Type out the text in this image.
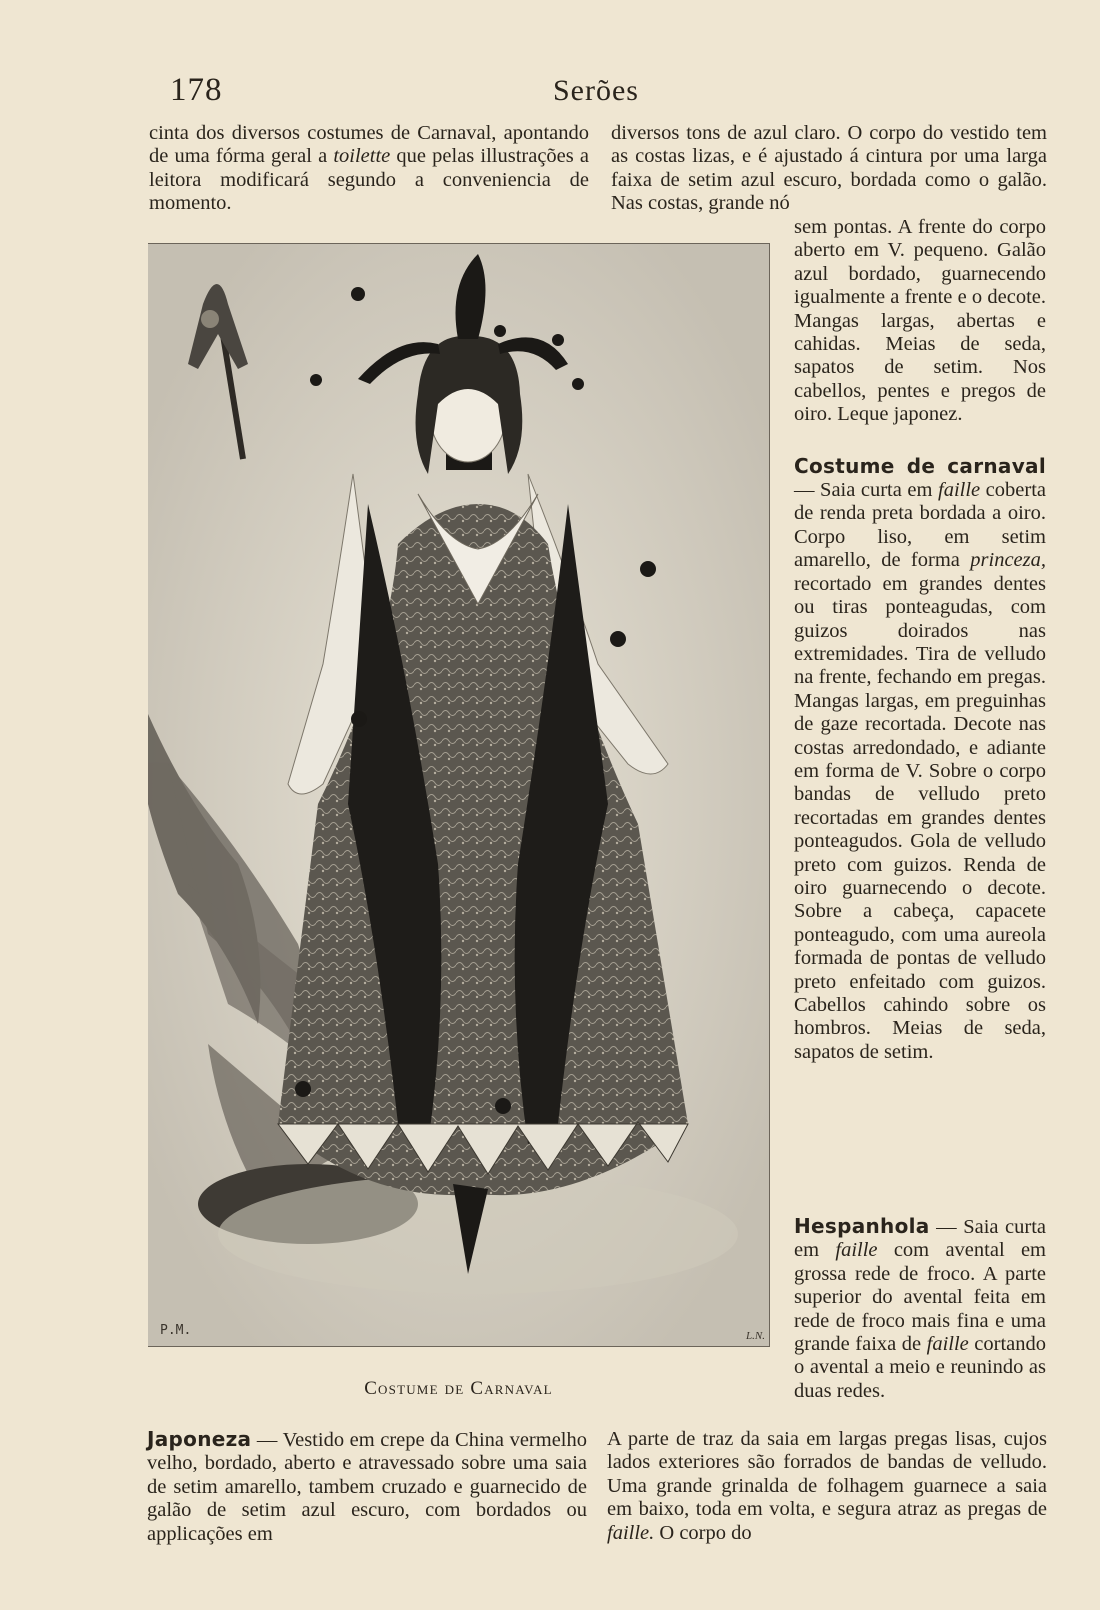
178	Serões

cinta dos diversos costumes de Carnaval, apontando de uma fórma geral a toilette que pelas illustrações a leitora modificará segundo a conveniencia de momento.

diversos tons de azul claro. O corpo do vestido tem as costas lizas, e é ajustado á cintura por uma larga faixa de setim azul escuro, bordada como o galão. Nas costas, grande nó

P.M.	L.N.
Costume de Carnaval

sem pontas. A frente do corpo aberto em V. pequeno. Galão azul bordado, guarnecendo igualmente a frente e o decote. Mangas largas, abertas e cahidas. Meias de seda, sapatos de setim. Nos cabellos, pentes e pregos de oiro. Leque japonez.

Costume de carnaval — Saia curta em faille coberta de renda preta bordada a oiro. Corpo liso, em setim amarello, de forma princeza, recortado em grandes dentes ou tiras ponteagudas, com guizos doirados nas extremidades. Tira de velludo na frente, fechando em pregas. Mangas largas, em preguinhas de gaze recortada. Decote nas costas arredondado, e adiante em forma de V. Sobre o corpo bandas de velludo preto recortadas em grandes dentes ponteagudos. Gola de velludo preto com guizos. Renda de oiro guarnecendo o decote. Sobre a cabeça, capacete ponteagudo, com uma aureola formada de pontas de velludo preto enfeitado com guizos. Cabellos cahindo sobre os hombros. Meias de seda, sapatos de setim.

Hespanhola — Saia curta em faille com avental em grossa rede de froco. A parte superior do avental feita em rede de froco mais fina e uma grande faixa de faille cortando o avental a meio e reunindo as duas redes.

Japoneza — Vestido em crepe da China vermelho velho, bordado, aberto e atravessado sobre uma saia de setim amarello, tambem cruzado e guarnecido de galão de setim azul escuro, com bordados ou applicações em

A parte de traz da saia em largas pregas lisas, cujos lados exteriores são forrados de bandas de velludo. Uma grande grinalda de folhagem guarnece a saia em baixo, toda em volta, e segura atraz as pregas de faille. O corpo do
